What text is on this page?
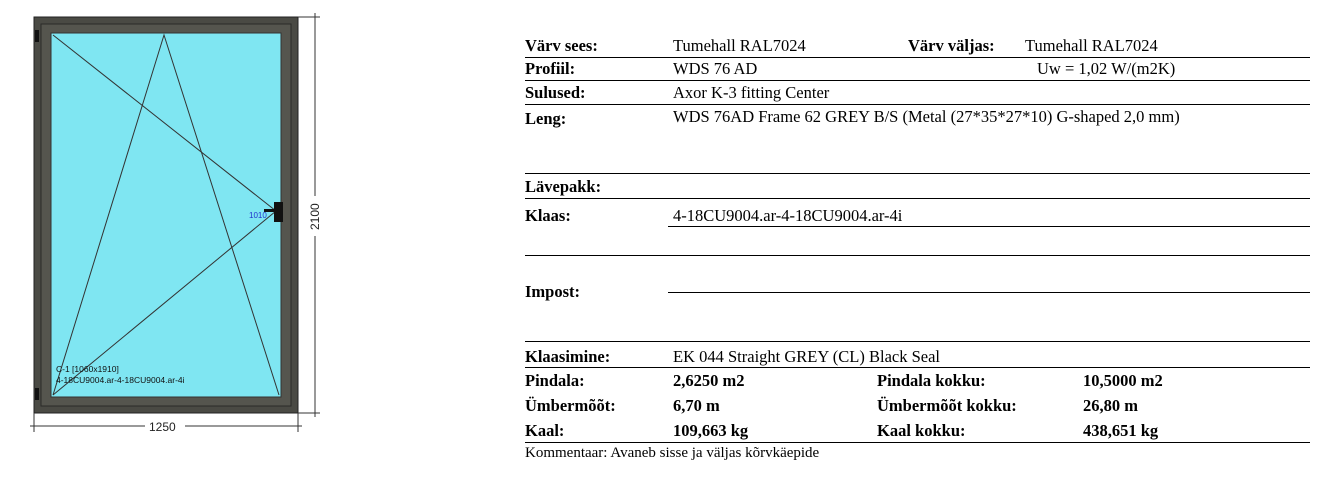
1010
C-1 [1060x1910]
4-18CU9004.ar-4-18CU9004.ar-4i
1250
2100
Värv sees:	Tumehall RAL7024	Värv väljas: Tumehall RAL7024
Profiil:	WDS 76 AD	Uw = 1,02 W/(m2K)
Sulused:	Axor K-3 fitting Center
Leng:	WDS 76AD Frame 62 GREY B/S (Metal (27*35*27*10) G-shaped 2,0 mm)
Lävepakk:
Klaas:	4-18CU9004.ar-4-18CU9004.ar-4i
Impost:
Klaasimine:	EK 044 Straight GREY (CL) Black Seal
Pindala:	2,6250 m2	Pindala kokku:	10,5000 m2
Ümbermõõt:	6,70 m	Ümbermõõt kokku:	26,80 m
Kaal:	109,663 kg	Kaal kokku:	438,651 kg
Kommentaar: Avaneb sisse ja väljas kõrvkäepide
